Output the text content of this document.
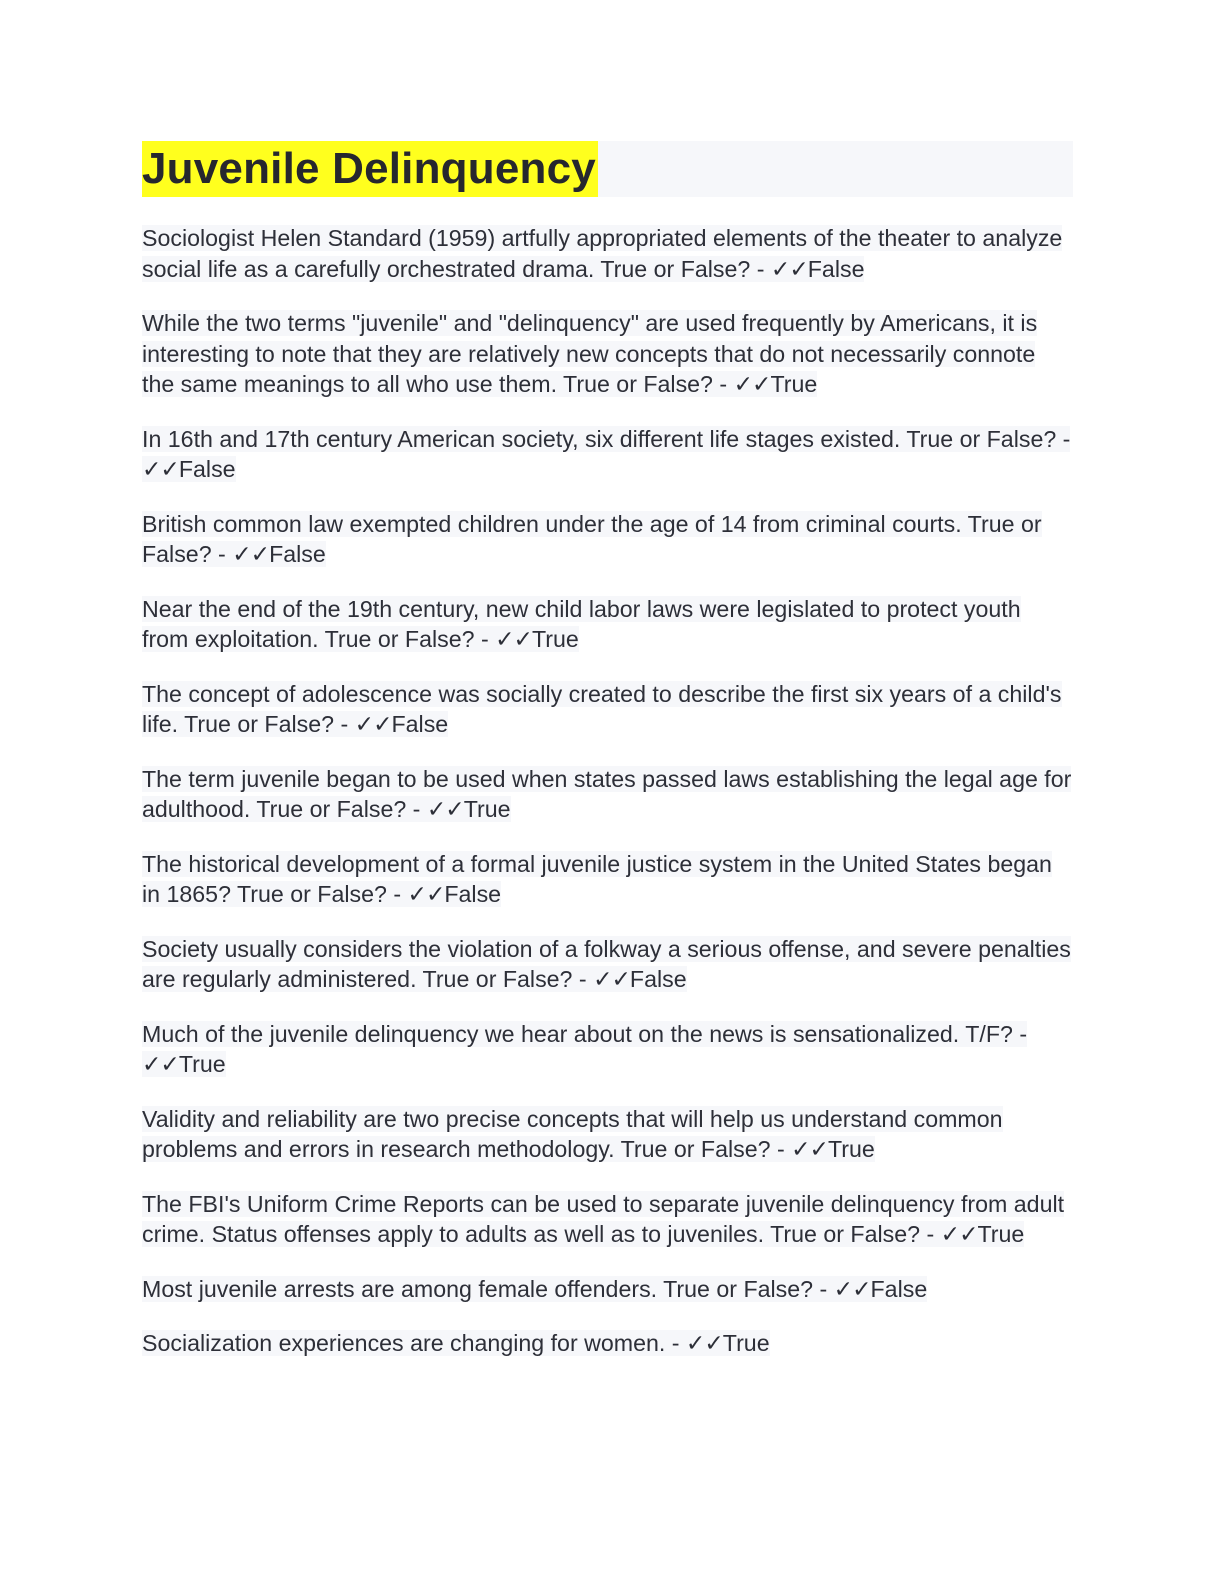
Juvenile Delinquency
Sociologist Helen Standard (1959) artfully appropriated elements of the theater to analyze social life as a carefully orchestrated drama. True or False? - ✓✓False
While the two terms "juvenile" and "delinquency" are used frequently by Americans, it is interesting to note that they are relatively new concepts that do not necessarily connote the same meanings to all who use them. True or False? - ✓✓True
In 16th and 17th century American society, six different life stages existed. True or False? - ✓✓False
British common law exempted children under the age of 14 from criminal courts. True or False? - ✓✓False
Near the end of the 19th century, new child labor laws were legislated to protect youth from exploitation. True or False? - ✓✓True
The concept of adolescence was socially created to describe the first six years of a child's life. True or False? - ✓✓False
The term juvenile began to be used when states passed laws establishing the legal age for adulthood. True or False? - ✓✓True
The historical development of a formal juvenile justice system in the United States began in 1865? True or False? - ✓✓False
Society usually considers the violation of a folkway a serious offense, and severe penalties are regularly administered. True or False? - ✓✓False
Much of the juvenile delinquency we hear about on the news is sensationalized. T/F? - ✓✓True
Validity and reliability are two precise concepts that will help us understand common problems and errors in research methodology. True or False? - ✓✓True
The FBI's Uniform Crime Reports can be used to separate juvenile delinquency from adult crime. Status offenses apply to adults as well as to juveniles. True or False? - ✓✓True
Most juvenile arrests are among female offenders. True or False? - ✓✓False
Socialization experiences are changing for women. - ✓✓True
